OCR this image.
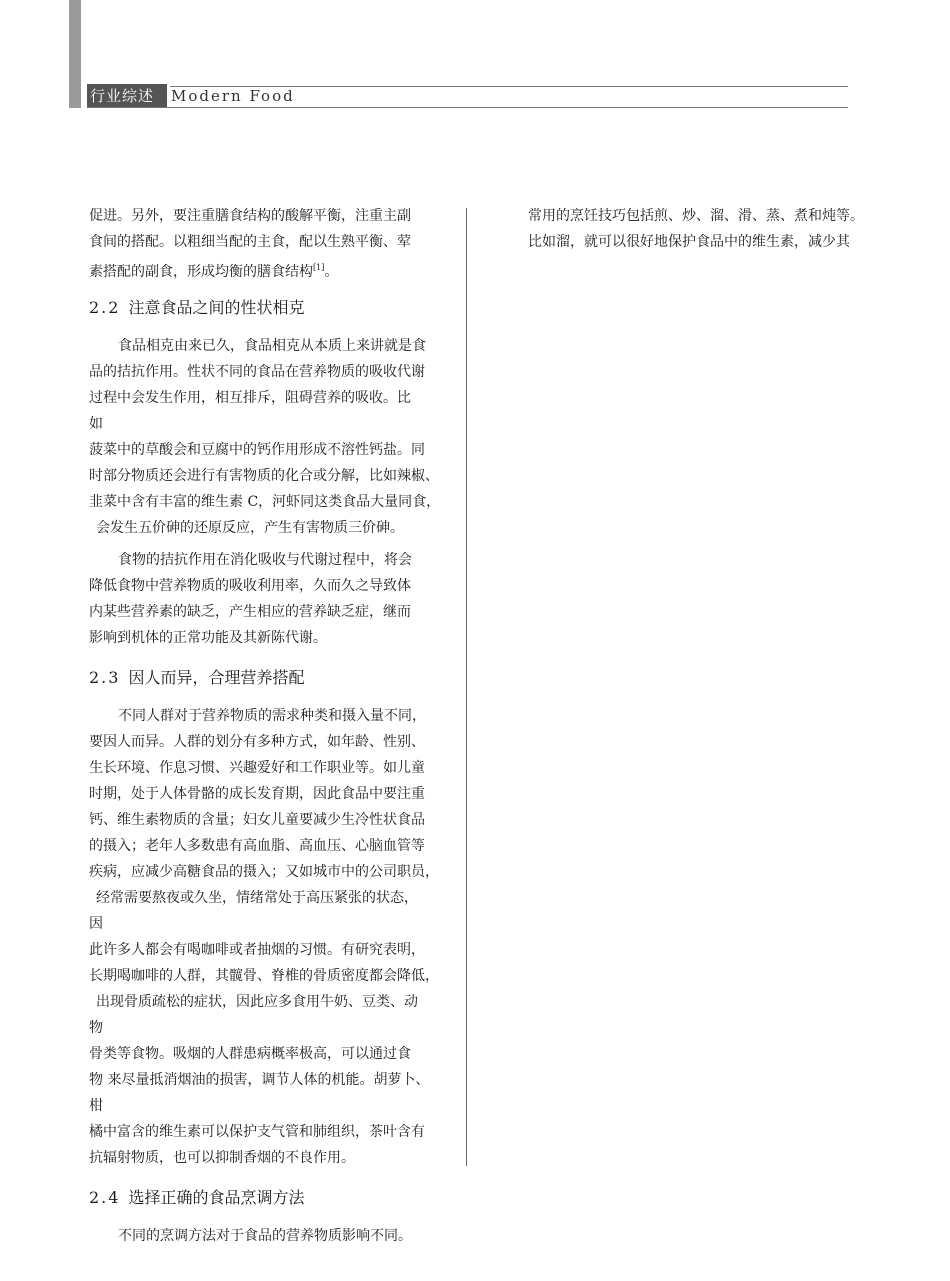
行业综述	Modern Food
促进。另外，要注重膳食结构的酸解平衡，注重主副
食间的搭配。以粗细当配的主食，配以生熟平衡、荤
素搭配的副食，形成均衡的膳食结构[1]。
2.2 注意食品之间的性状相克
食品相克由来已久，食品相克从本质上来讲就是食
品的拮抗作用。性状不同的食品在营养物质的吸收代谢
过程中会发生作用，相互排斥，阻碍营养的吸收。比
如
菠菜中的草酸会和豆腐中的钙作用形成不溶性钙盐。同
时部分物质还会进行有害物质的化合或分解，比如辣椒、
韭菜中含有丰富的维生素 C，河虾同这类食品大量同食，
会发生五价砷的还原反应，产生有害物质三价砷。
食物的拮抗作用在消化吸收与代谢过程中，将会
降低食物中营养物质的吸收利用率，久而久之导致体
内某些营养素的缺乏，产生相应的营养缺乏症，继而
影响到机体的正常功能及其新陈代谢。
2.3 因人而异，合理营养搭配
不同人群对于营养物质的需求种类和摄入量不同，
要因人而异。人群的划分有多种方式，如年龄、性别、
生长环境、作息习惯、兴趣爱好和工作职业等。如儿童
时期，处于人体骨骼的成长发育期，因此食品中要注重
钙、维生素物质的含量；妇女儿童要减少生冷性状食品
的摄入；老年人多数患有高血脂、高血压、心脑血管等
疾病，应减少高糖食品的摄入；又如城市中的公司职员，
经常需要熬夜或久坐，情绪常处于高压紧张的状态，
因
此许多人都会有喝咖啡或者抽烟的习惯。有研究表明，
长期喝咖啡的人群，其髋骨、脊椎的骨质密度都会降低，
出现骨质疏松的症状，因此应多食用牛奶、豆类、动
物
骨类等食物。吸烟的人群患病概率极高，可以通过食
物 来尽量抵消烟油的损害，调节人体的机能。胡萝卜、
柑
橘中富含的维生素可以保护支气管和肺组织，茶叶含有
抗辐射物质，也可以抑制香烟的不良作用。
2.4 选择正确的食品烹调方法
不同的烹调方法对于食品的营养物质影响不同。
常用的烹饪技巧包括煎、炒、溜、滑、蒸、煮和炖等。
比如溜，就可以很好地保护食品中的维生素，减少其
